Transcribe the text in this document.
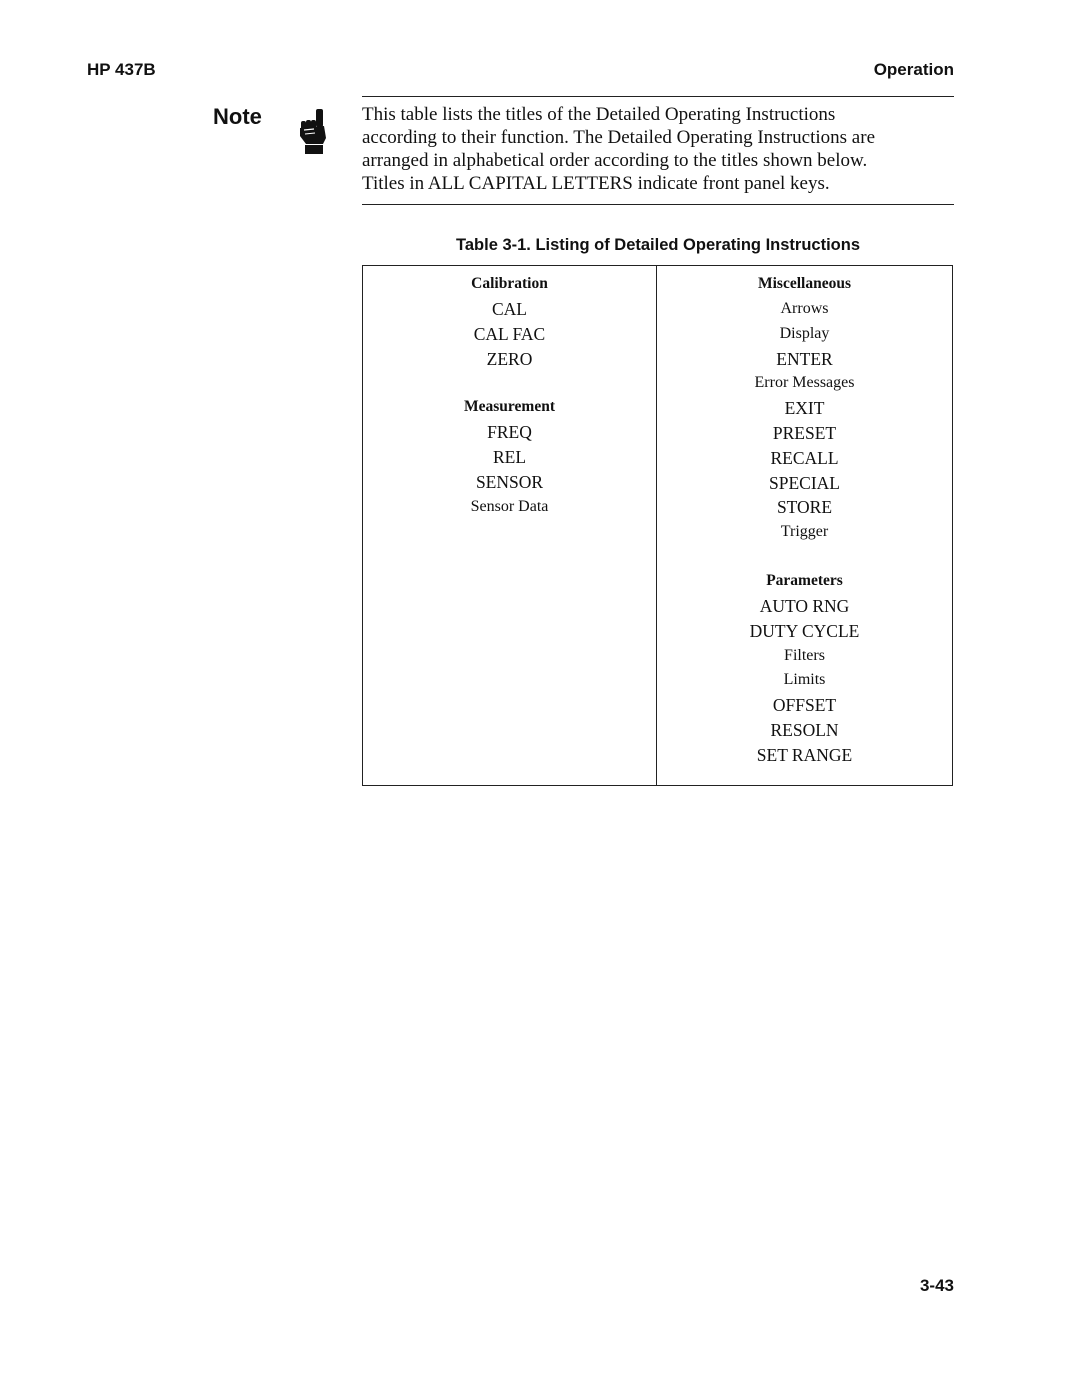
HP 437B	Operation
Note	This table lists the titles of the Detailed Operating Instructions
according to their function. The Detailed Operating Instructions are
arranged in alphabetical order according to the titles shown below.
Titles in ALL CAPITAL LETTERS indicate front panel keys.
Table 3-1. Listing of Detailed Operating Instructions
Calibration
CAL
CAL FAC
ZERO
Measurement
FREQ
REL
SENSOR
Sensor Data
Miscellaneous
Arrows
Display
ENTER
Error Messages
EXIT
PRESET
RECALL
SPECIAL
STORE
Trigger
Parameters
AUTO RNG
DUTY CYCLE
Filters
Limits
OFFSET
RESOLN
SET RANGE
3-43
